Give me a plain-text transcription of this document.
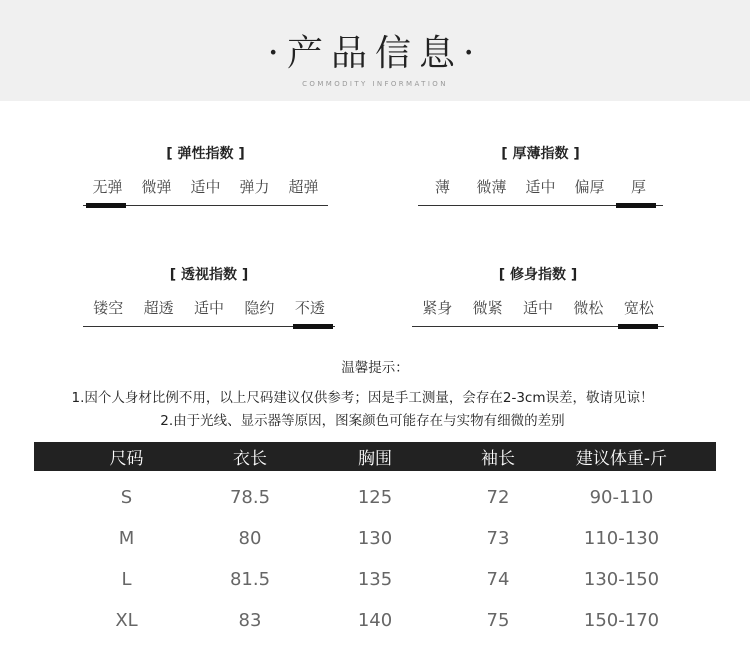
·产品信息·
COMMODITY INFORMATION
[ 弹性指数 ]
无弹	微弹	适中	弹力	超弹
[ 厚薄指数 ]
薄	微薄	适中	偏厚	厚
[ 透视指数 ]
镂空	超透	适中	隐约	不透
[ 修身指数 ]
紧身	微紧	适中	微松	宽松
温馨提示：
1.因个人身材比例不用，以上尺码建议仅供参考；因是手工测量，会存在2-3cm误差，敬请见谅！
2.由于光线、显示器等原因，图案颜色可能存在与实物有细微的差别
尺码	衣长	胸围	袖长	建议体重-斤
S	78.5	125	72	90-110
M	80	130	73	110-130
L	81.5	135	74	130-150
XL	83	140	75	150-170
